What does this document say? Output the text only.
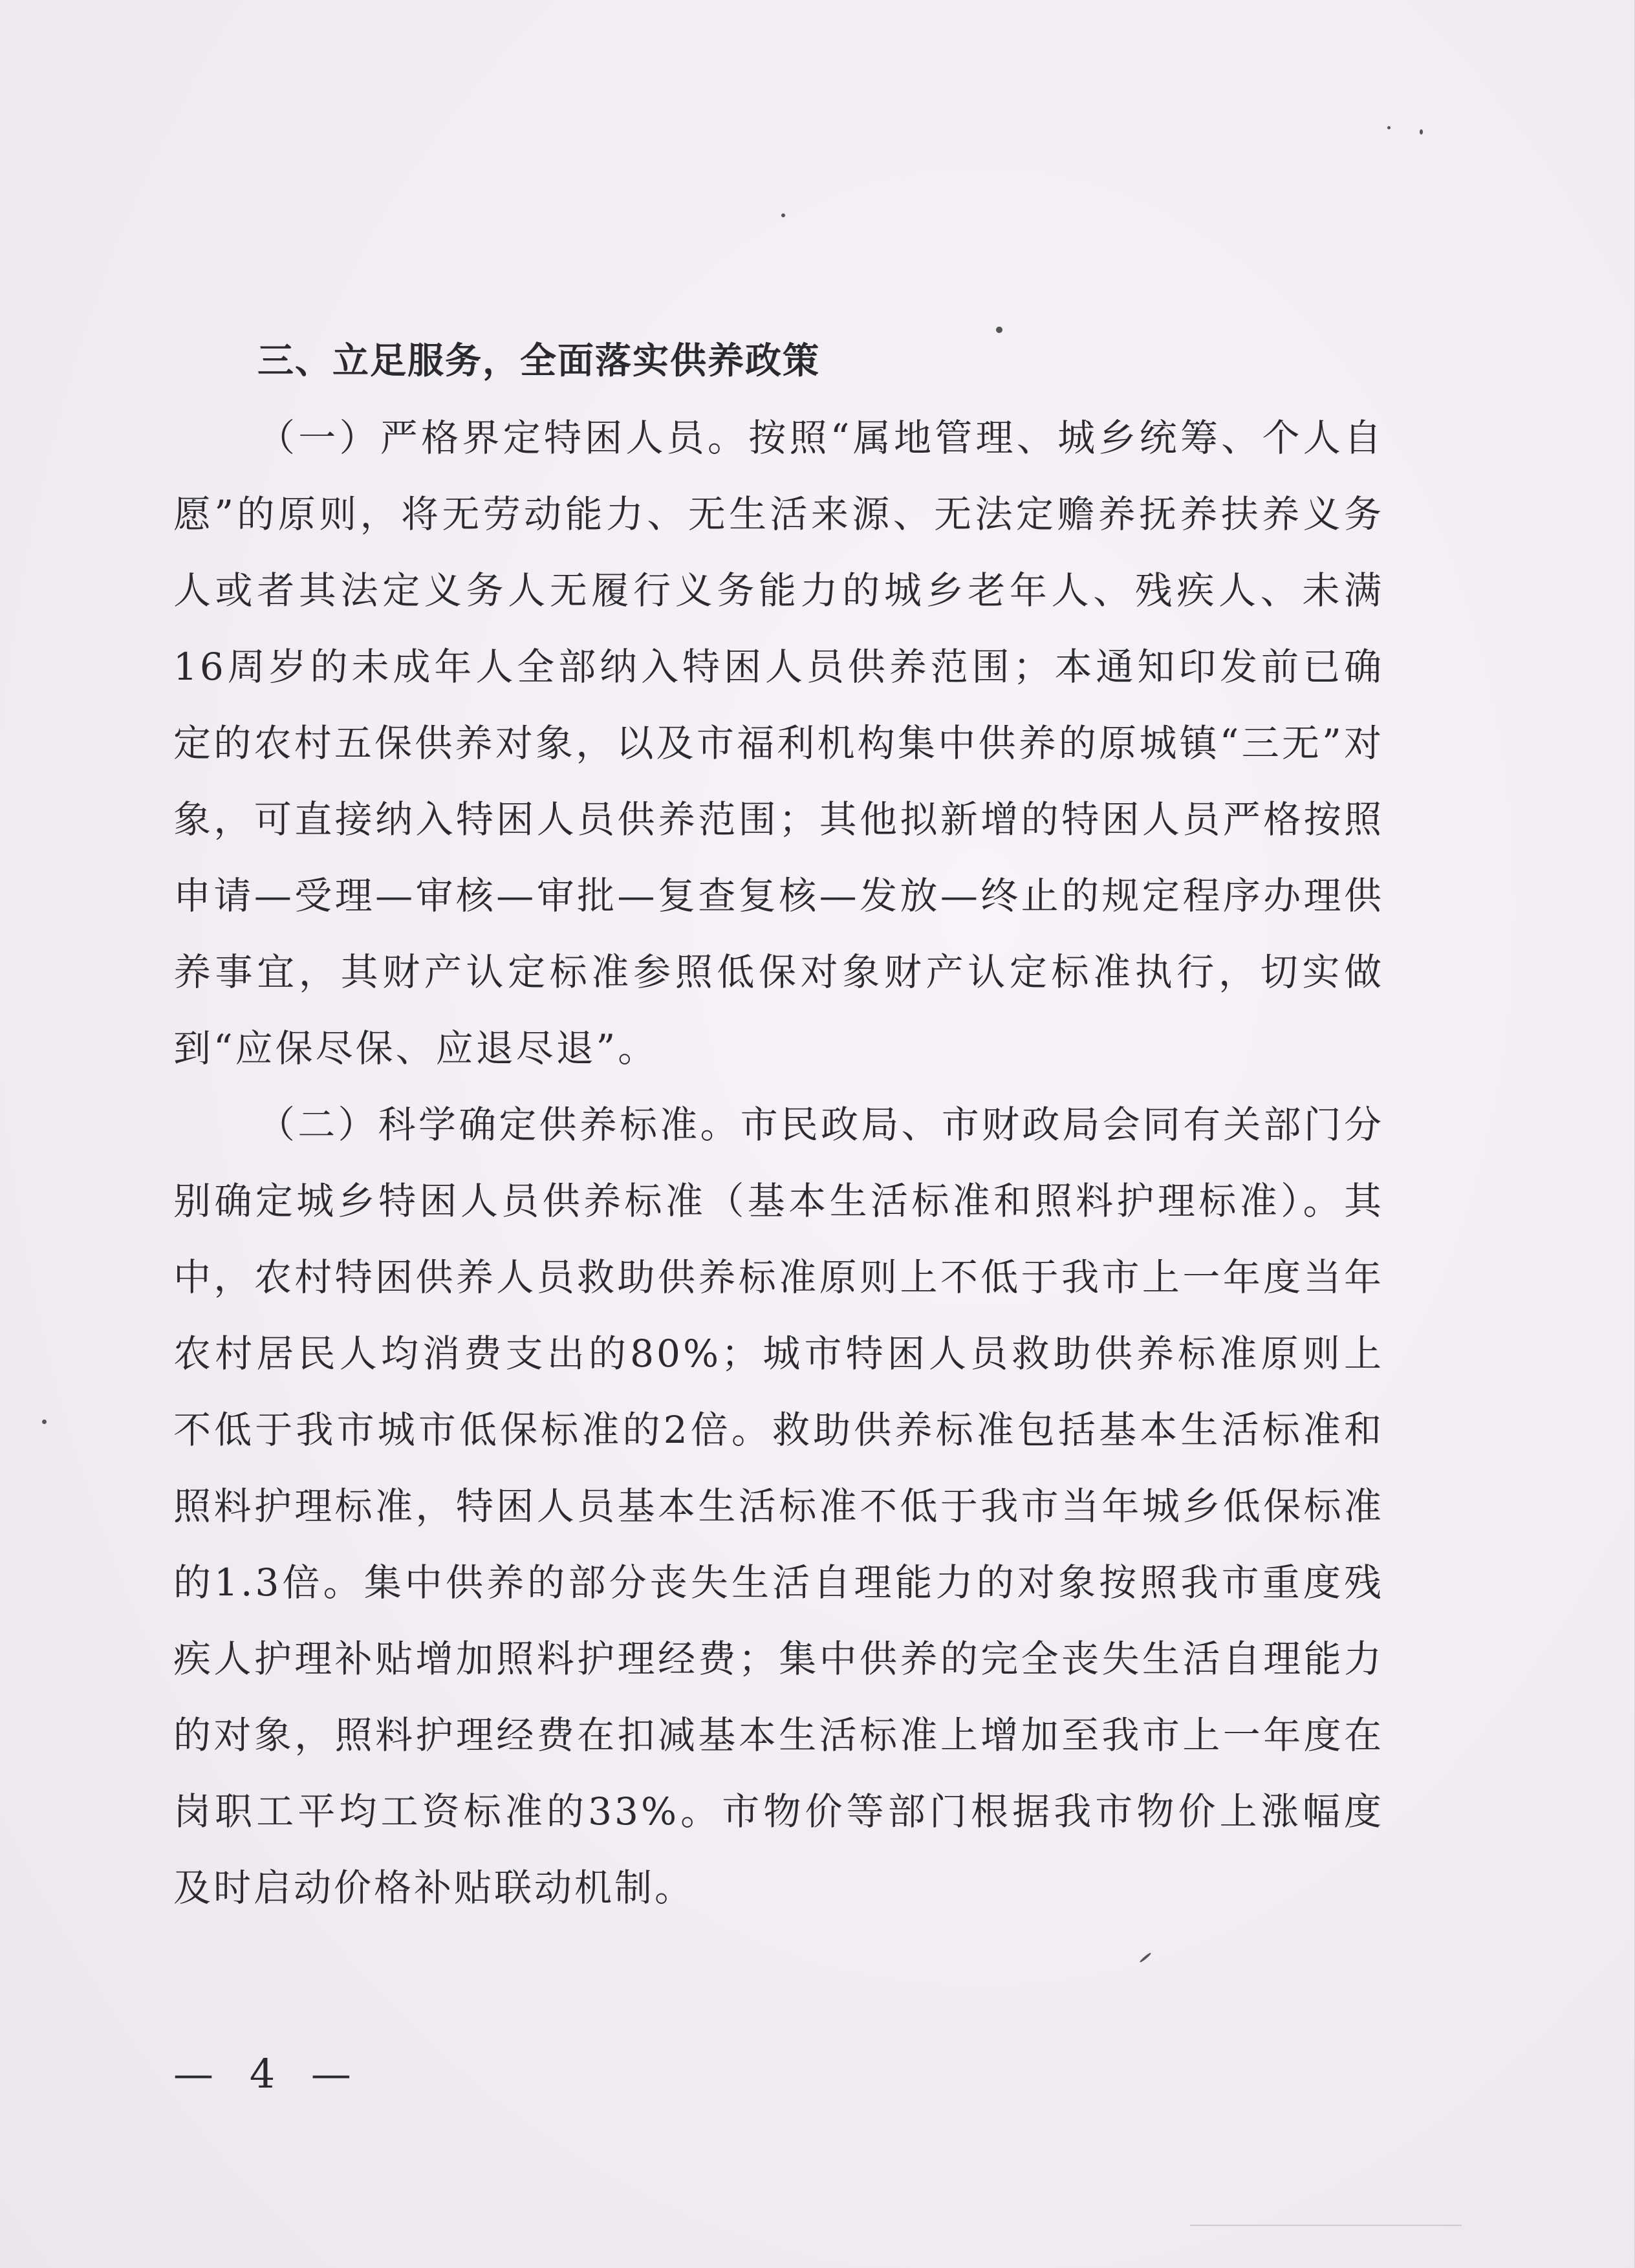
三、立足服务，全面落实供养政策

（一）严格界定特困人员。按照“属地管理、城乡统筹、个人自愿”的原则，将无劳动能力、无生活来源、无法定赡养抚养扶养义务人或者其法定义务人无履行义务能力的城乡老年人、残疾人、未满16周岁的未成年人全部纳入特困人员供养范围；本通知印发前已确定的农村五保供养对象，以及市福利机构集中供养的原城镇“三无”对象，可直接纳入特困人员供养范围；其他拟新增的特困人员严格按照申请—受理—审核—审批—复查复核—发放—终止的规定程序办理供养事宜，其财产认定标准参照低保对象财产认定标准执行，切实做到“应保尽保、应退尽退”。

（二）科学确定供养标准。市民政局、市财政局会同有关部门分别确定城乡特困人员供养标准（基本生活标准和照料护理标准）。其中，农村特困供养人员救助供养标准原则上不低于我市上一年度当年农村居民人均消费支出的80%；城市特困人员救助供养标准原则上不低于我市城市低保标准的2倍。救助供养标准包括基本生活标准和照料护理标准，特困人员基本生活标准不低于我市当年城乡低保标准的1.3倍。集中供养的部分丧失生活自理能力的对象按照我市重度残疾人护理补贴增加照料护理经费；集中供养的完全丧失生活自理能力的对象，照料护理经费在扣减基本生活标准上增加至我市上一年度在岗职工平均工资标准的33%。市物价等部门根据我市物价上涨幅度及时启动价格补贴联动机制。

— 4 —
